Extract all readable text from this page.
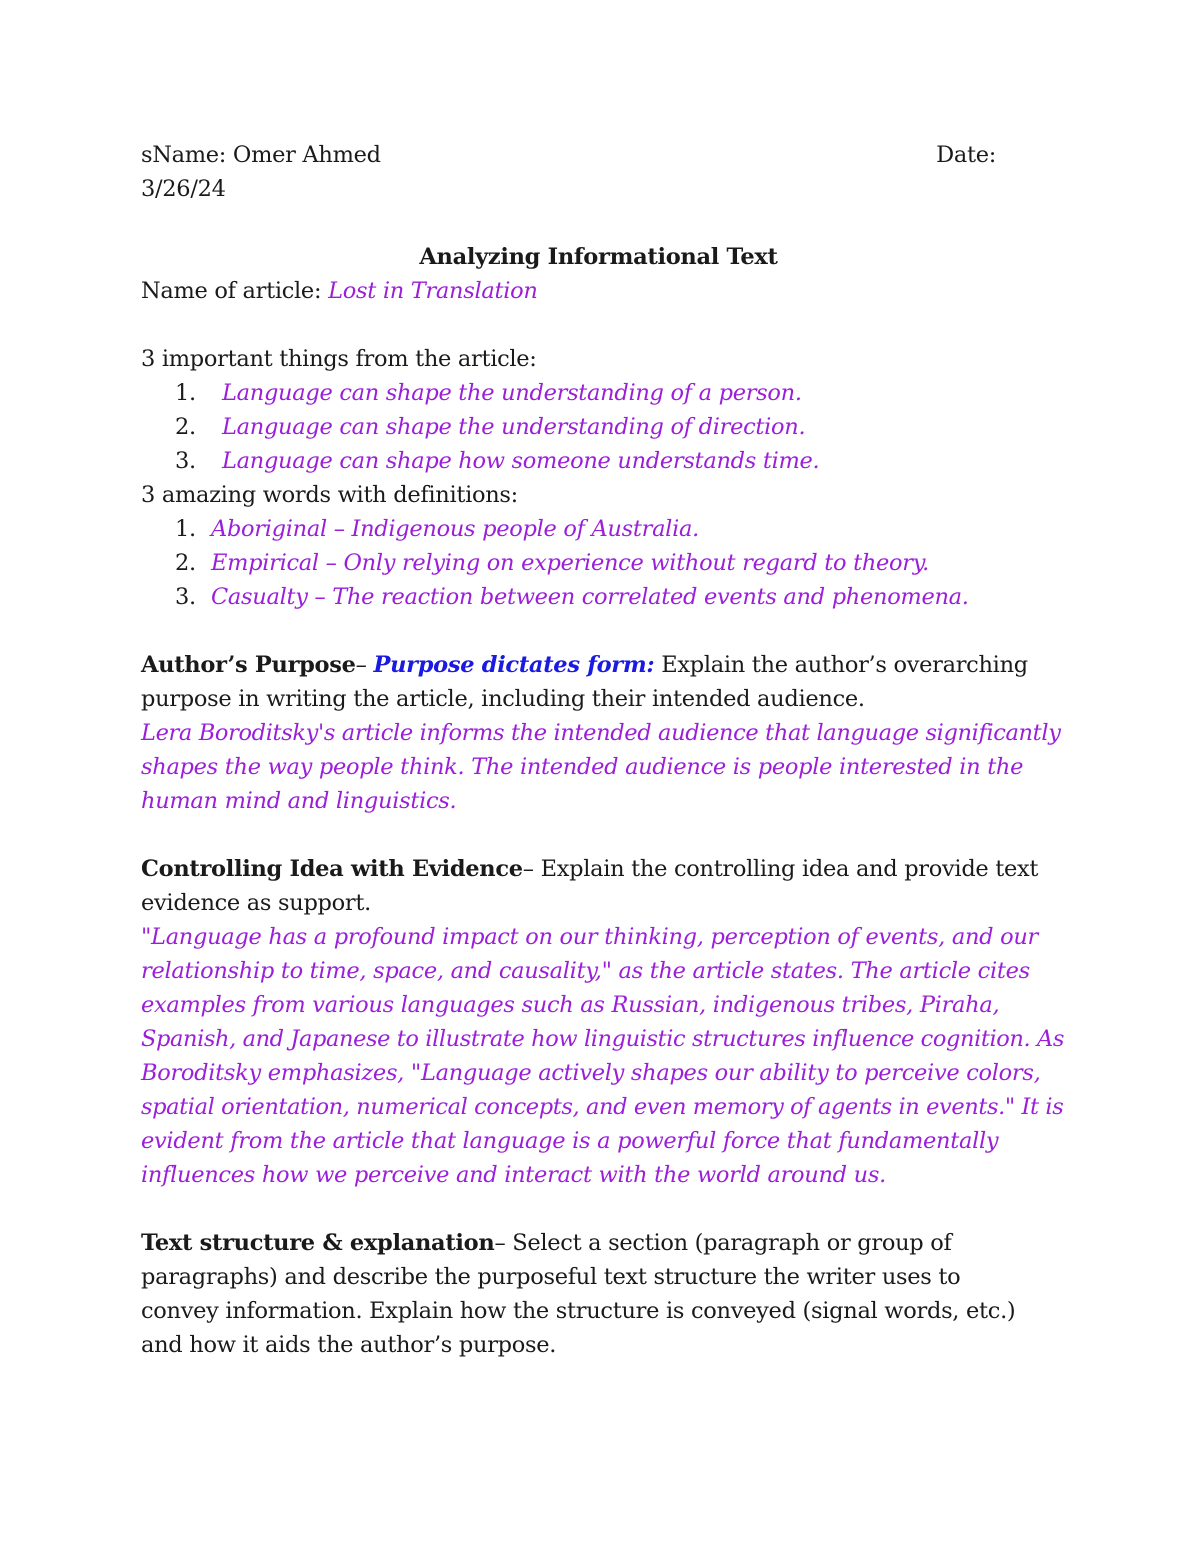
sName: Omer Ahmed	Date:
3/26/24
Analyzing Informational Text
Name of article: Lost in Translation
3 important things from the article:
1.	Language can shape the understanding of a person.
2.	Language can shape the understanding of direction.
3.	Language can shape how someone understands time.
3 amazing words with definitions:
1. Aboriginal – Indigenous people of Australia.
2. Empirical – Only relying on experience without regard to theory.
3. Casualty – The reaction between correlated events and phenomena.
Author’s Purpose– Purpose dictates form: Explain the author’s overarching
purpose in writing the article, including their intended audience.
Lera Boroditsky's article informs the intended audience that language significantly
shapes the way people think. The intended audience is people interested in the
human mind and linguistics.
Controlling Idea with Evidence– Explain the controlling idea and provide text
evidence as support.
"Language has a profound impact on our thinking, perception of events, and our
relationship to time, space, and causality," as the article states. The article cites
examples from various languages such as Russian, indigenous tribes, Piraha,
Spanish, and Japanese to illustrate how linguistic structures influence cognition. As
Boroditsky emphasizes, "Language actively shapes our ability to perceive colors,
spatial orientation, numerical concepts, and even memory of agents in events." It is
evident from the article that language is a powerful force that fundamentally
influences how we perceive and interact with the world around us.
Text structure & explanation– Select a section (paragraph or group of
paragraphs) and describe the purposeful text structure the writer uses to
convey information. Explain how the structure is conveyed (signal words, etc.)
and how it aids the author’s purpose.
